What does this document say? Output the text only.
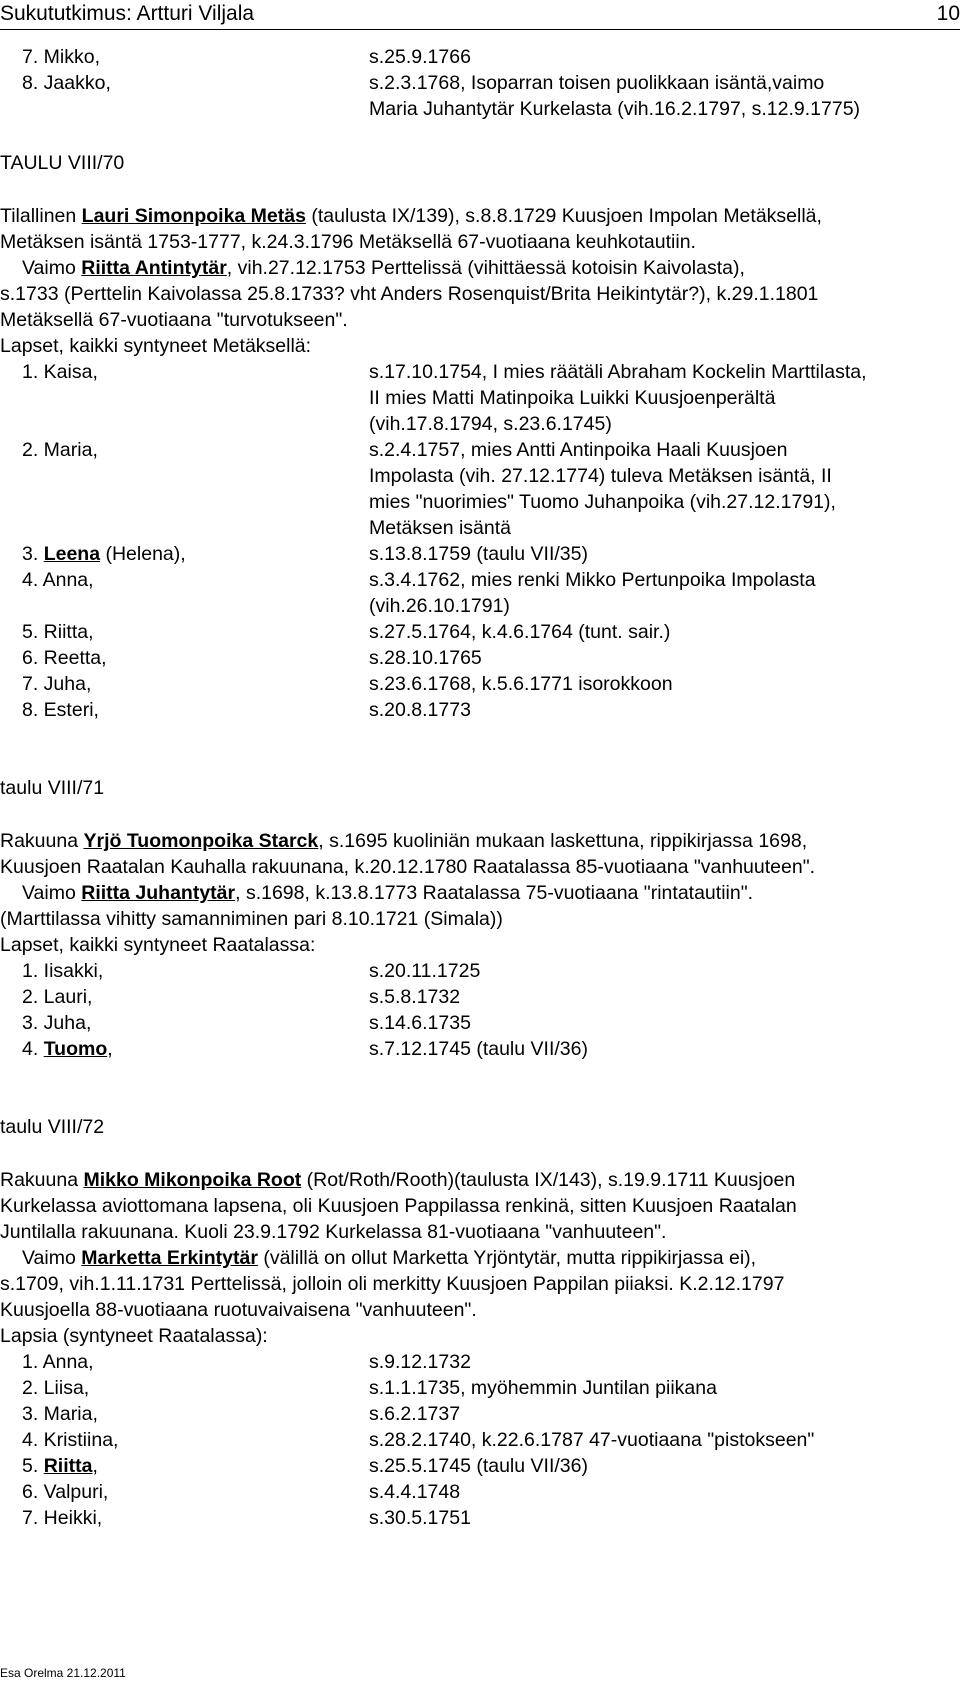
Sukututkimus: Artturi Viljala	10
7. Mikko,	s.25.9.1766
8. Jaakko,	s.2.3.1768, Isoparran toisen puolikkaan isäntä,vaimo
Maria Juhantytär Kurkelasta (vih.16.2.1797, s.12.9.1775)
TAULU VIII/70
Tilallinen Lauri Simonpoika Metäs (taulusta IX/139), s.8.8.1729 Kuusjoen Impolan Metäksellä,
Metäksen isäntä 1753-1777, k.24.3.1796 Metäksellä 67-vuotiaana keuhkotautiin.
Vaimo Riitta Antintytär, vih.27.12.1753 Perttelissä (vihittäessä kotoisin Kaivolasta),
s.1733 (Perttelin Kaivolassa 25.8.1733? vht Anders Rosenquist/Brita Heikintytär?), k.29.1.1801
Metäksellä 67-vuotiaana "turvotukseen".
Lapset, kaikki syntyneet Metäksellä:
1. Kaisa,	s.17.10.1754, I mies räätäli Abraham Kockelin Marttilasta,
II mies Matti Matinpoika Luikki Kuusjoenperältä
(vih.17.8.1794, s.23.6.1745)
2. Maria,	s.2.4.1757, mies Antti Antinpoika Haali Kuusjoen
Impolasta (vih. 27.12.1774) tuleva Metäksen isäntä, II
mies "nuorimies" Tuomo Juhanpoika (vih.27.12.1791),
Metäksen isäntä
3. Leena (Helena),	s.13.8.1759 (taulu VII/35)
4. Anna,	s.3.4.1762, mies renki Mikko Pertunpoika Impolasta
(vih.26.10.1791)
5. Riitta,	s.27.5.1764, k.4.6.1764 (tunt. sair.)
6. Reetta,	s.28.10.1765
7. Juha,	s.23.6.1768, k.5.6.1771 isorokkoon
8. Esteri,	s.20.8.1773
taulu VIII/71
Rakuuna Yrjö Tuomonpoika Starck, s.1695 kuoliniän mukaan laskettuna, rippikirjassa 1698,
Kuusjoen Raatalan Kauhalla rakuunana, k.20.12.1780 Raatalassa 85-vuotiaana "vanhuuteen".
Vaimo Riitta Juhantytär, s.1698, k.13.8.1773 Raatalassa 75-vuotiaana "rintatautiin".
(Marttilassa vihitty samanniminen pari 8.10.1721 (Simala))
Lapset, kaikki syntyneet Raatalassa:
1. Iisakki,	s.20.11.1725
2. Lauri,	s.5.8.1732
3. Juha,	s.14.6.1735
4. Tuomo,	s.7.12.1745 (taulu VII/36)
taulu VIII/72
Rakuuna Mikko Mikonpoika Root (Rot/Roth/Rooth)(taulusta IX/143), s.19.9.1711 Kuusjoen
Kurkelassa aviottomana lapsena, oli Kuusjoen Pappilassa renkinä, sitten Kuusjoen Raatalan
Juntilalla rakuunana. Kuoli 23.9.1792 Kurkelassa 81-vuotiaana "vanhuuteen".
Vaimo Marketta Erkintytär (välillä on ollut Marketta Yrjöntytär, mutta rippikirjassa ei),
s.1709, vih.1.11.1731 Perttelissä, jolloin oli merkitty Kuusjoen Pappilan piiaksi. K.2.12.1797
Kuusjoella 88-vuotiaana ruotuvaivaisena "vanhuuteen".
Lapsia (syntyneet Raatalassa):
1. Anna,	s.9.12.1732
2. Liisa,	s.1.1.1735, myöhemmin Juntilan piikana
3. Maria,	s.6.2.1737
4. Kristiina,	s.28.2.1740, k.22.6.1787 47-vuotiaana "pistokseen"
5. Riitta,	s.25.5.1745 (taulu VII/36)
6. Valpuri,	s.4.4.1748
7. Heikki,	s.30.5.1751
Esa Orelma 21.12.2011
